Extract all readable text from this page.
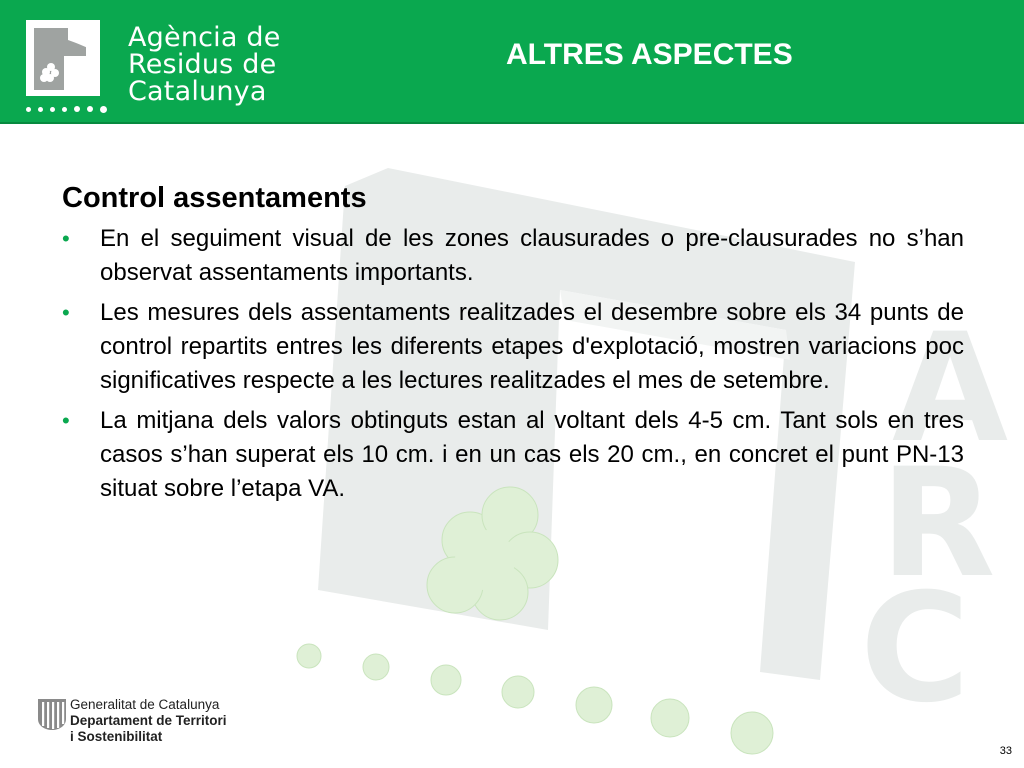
A
R
C
Agència de
Residus de
Catalunya
ALTRES ASPECTES
Control assentaments
• En el seguiment visual de les zones clausurades o pre-clausurades no s’han observat assentaments importants.
• Les mesures dels assentaments realitzades el desembre sobre els 34 punts de control repartits entres les diferents etapes d'explotació, mostren variacions poc significatives respecte a les lectures realitzades el mes de setembre.
• La mitjana dels valors obtinguts estan al voltant dels 4-5 cm. Tant sols en tres casos s’han superat els 10 cm. i en un cas els 20 cm., en concret el punt PN-13 situat sobre l’etapa VA.
Generalitat de Catalunya
Departament de Territori
i Sostenibilitat
33
